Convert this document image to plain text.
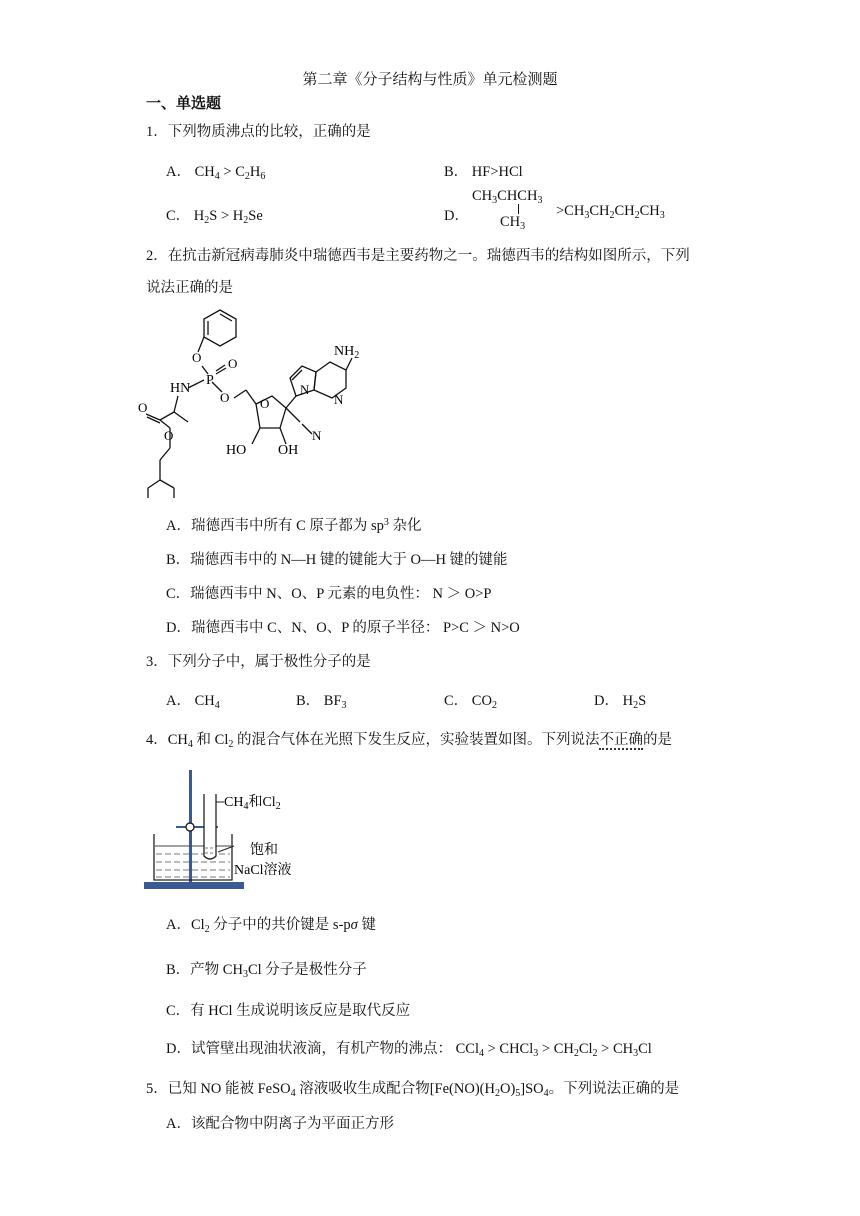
第二章《分子结构与性质》单元检测题
一、单选题
1．下列物质沸点的比较，正确的是
A． $CH_4 > C_2H_6$	B． HF>HCl
C． $H_2S > H_2Se$	D．
$CH_3CHCH_3$
$CH_3$
$>CH_3CH_2CH_2CH_3$
2．在抗击新冠病毒肺炎中瑞德西韦是主要药物之一。瑞德西韦的结构如图所示，下列
说法正确的是
$NH_2$
HN
P
O
O
O O
O
O
N
N
N
HO OH
A．瑞德西韦中所有 C 原子都为 $sp^3$ 杂化
B．瑞德西韦中的 N—H 键的键能大于 O—H 键的键能
C．瑞德西韦中 N、O、P 元素的电负性： N ＞ O>P
D．瑞德西韦中 C、N、O、P 的原子半径： P>C ＞ N>O
3．下列分子中，属于极性分子的是
A． $CH_4$	B． $BF_3$	C． $CO_2$	D． $H_2S$
4．$CH_4$ 和 $Cl_2$ 的混合气体在光照下发生反应，实验装置如图。下列说法不正确的是
$CH_4$和$Cl_2$
饱和
NaCl溶液
A．$Cl_2$ 分子中的共价键是 s-pσ 键
B．产物 $CH_3Cl$ 分子是极性分子
C．有 HCl 生成说明该反应是取代反应
D．试管壁出现油状液滴，有机产物的沸点： CCl$_4$ > CHCl$_3$ > $CH_2Cl_2 > CH_3Cl$
5．已知 NO 能被 FeSO$_4$ 溶液吸收生成配合物$[Fe(NO)(H_2O)_5]SO_4$。下列说法正确的是
A．该配合物中阴离子为平面正方形
